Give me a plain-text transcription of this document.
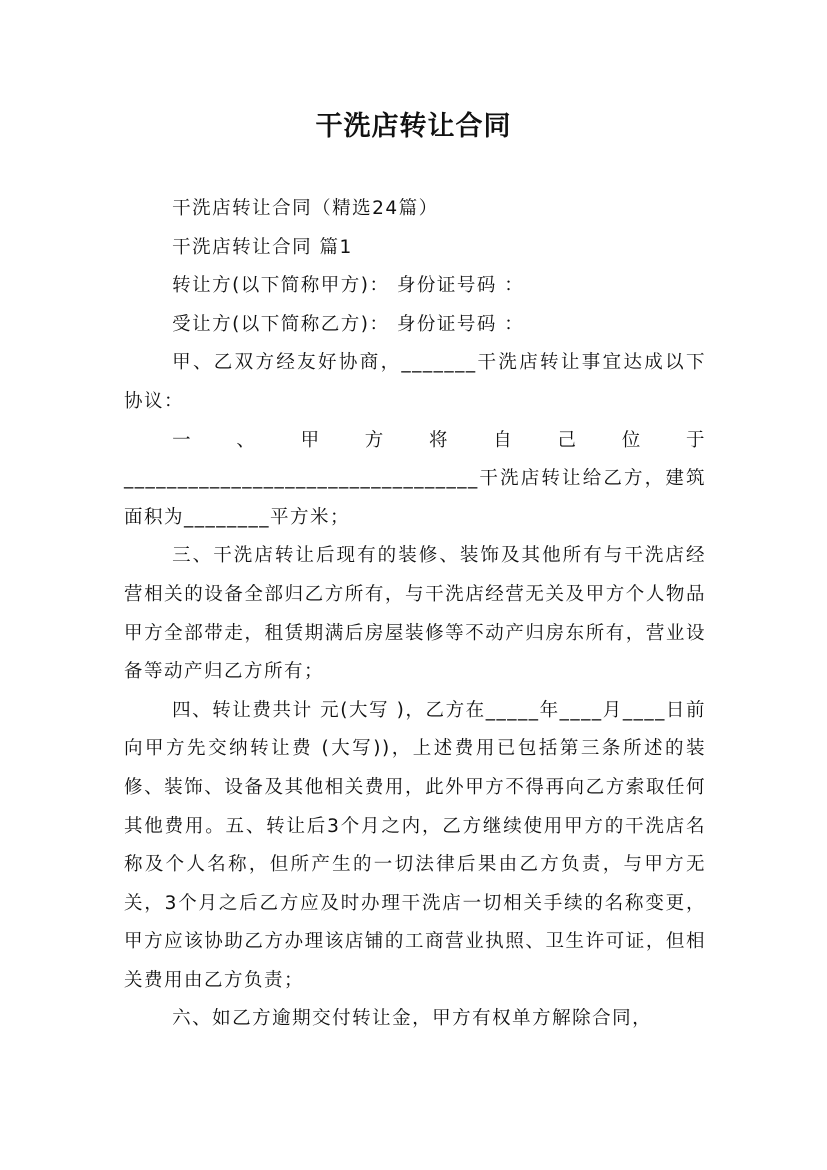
干洗店转让合同

干洗店转让合同（精选24篇）

干洗店转让合同 篇1

转让方(以下简称甲方)： 身份证号码 ：

受让方(以下简称乙方)： 身份证号码 ：

甲、乙双方经友好协商，_______干洗店转让事宜达成以下协议：

一 、 甲 方 将 自 己 位 于 _________________________________干洗店转让给乙方，建筑面积为________平方米；

三、干洗店转让后现有的装修、装饰及其他所有与干洗店经营相关的设备全部归乙方所有，与干洗店经营无关及甲方个人物品甲方全部带走，租赁期满后房屋装修等不动产归房东所有，营业设备等动产归乙方所有；

四、转让费共计 元(大写 )，乙方在_____年____月____日前向甲方先交纳转让费 (大写))，上述费用已包括第三条所述的装修、装饰、设备及其他相关费用，此外甲方不得再向乙方索取任何其他费用。五、转让后3个月之内，乙方继续使用甲方的干洗店名称及个人名称，但所产生的一切法律后果由乙方负责，与甲方无关，3个月之后乙方应及时办理干洗店一切相关手续的名称变更，甲方应该协助乙方办理该店铺的工商营业执照、卫生许可证，但相关费用由乙方负责；

六、如乙方逾期交付转让金，甲方有权单方解除合同，
